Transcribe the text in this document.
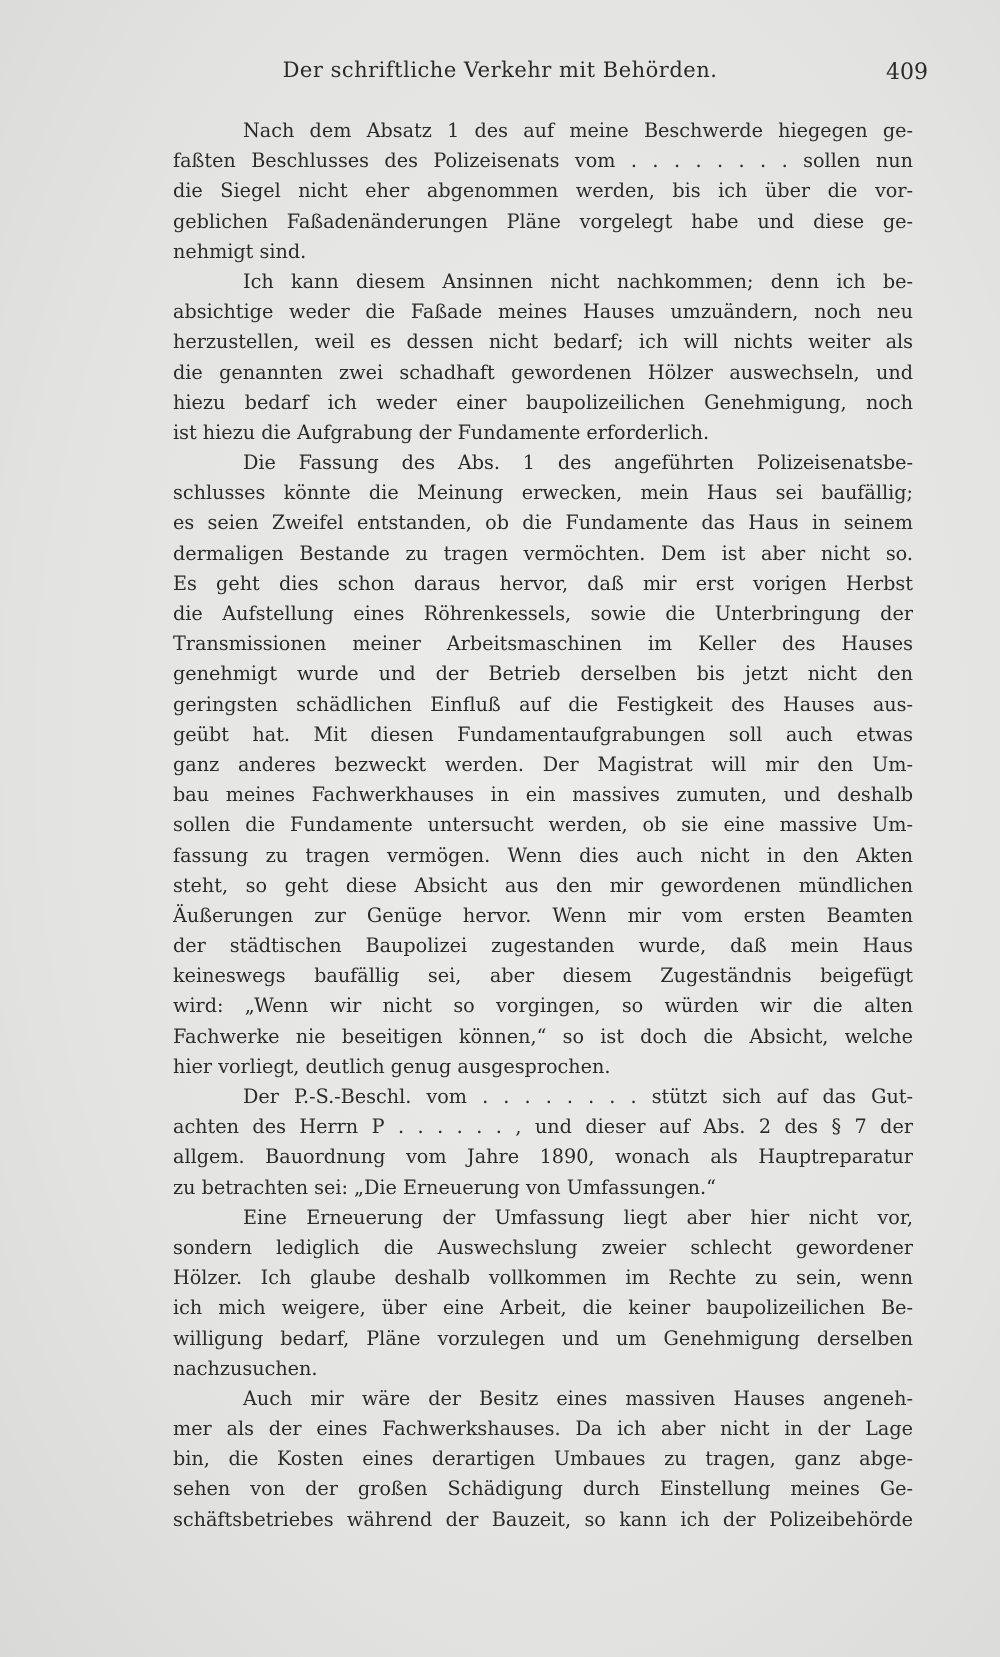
Der schriftliche Verkehr mit Behörden.	409
Nach dem Absatz 1 des auf meine Beschwerde hiegegen ge-
faßten Beschlusses des Polizeisenats vom . . . . . . . . sollen nun
die Siegel nicht eher abgenommen werden, bis ich über die vor-
geblichen Faßadenänderungen Pläne vorgelegt habe und diese ge-
nehmigt sind.
Ich kann diesem Ansinnen nicht nachkommen; denn ich be-
absichtige weder die Faßade meines Hauses umzuändern, noch neu
herzustellen, weil es dessen nicht bedarf; ich will nichts weiter als
die genannten zwei schadhaft gewordenen Hölzer auswechseln, und
hiezu bedarf ich weder einer baupolizeilichen Genehmigung, noch
ist hiezu die Aufgrabung der Fundamente erforderlich.
Die Fassung des Abs. 1 des angeführten Polizeisenatsbe-
schlusses könnte die Meinung erwecken, mein Haus sei baufällig;
es seien Zweifel entstanden, ob die Fundamente das Haus in seinem
dermaligen Bestande zu tragen vermöchten. Dem ist aber nicht so.
Es geht dies schon daraus hervor, daß mir erst vorigen Herbst
die Aufstellung eines Röhrenkessels, sowie die Unterbringung der
Transmissionen meiner Arbeitsmaschinen im Keller des Hauses
genehmigt wurde und der Betrieb derselben bis jetzt nicht den
geringsten schädlichen Einfluß auf die Festigkeit des Hauses aus-
geübt hat. Mit diesen Fundamentaufgrabungen soll auch etwas
ganz anderes bezweckt werden. Der Magistrat will mir den Um-
bau meines Fachwerkhauses in ein massives zumuten, und deshalb
sollen die Fundamente untersucht werden, ob sie eine massive Um-
fassung zu tragen vermögen. Wenn dies auch nicht in den Akten
steht, so geht diese Absicht aus den mir gewordenen mündlichen
Äußerungen zur Genüge hervor. Wenn mir vom ersten Beamten
der städtischen Baupolizei zugestanden wurde, daß mein Haus
keineswegs baufällig sei, aber diesem Zugeständnis beigefügt
wird: „Wenn wir nicht so vorgingen, so würden wir die alten
Fachwerke nie beseitigen können,“ so ist doch die Absicht, welche
hier vorliegt, deutlich genug ausgesprochen.
Der P.-S.-Beschl. vom . . . . . . . . stützt sich auf das Gut-
achten des Herrn P . . . . . . , und dieser auf Abs. 2 des § 7 der
allgem. Bauordnung vom Jahre 1890, wonach als Hauptreparatur
zu betrachten sei: „Die Erneuerung von Umfassungen.“
Eine Erneuerung der Umfassung liegt aber hier nicht vor,
sondern lediglich die Auswechslung zweier schlecht gewordener
Hölzer. Ich glaube deshalb vollkommen im Rechte zu sein, wenn
ich mich weigere, über eine Arbeit, die keiner baupolizeilichen Be-
willigung bedarf, Pläne vorzulegen und um Genehmigung derselben
nachzusuchen.
Auch mir wäre der Besitz eines massiven Hauses angeneh-
mer als der eines Fachwerkshauses. Da ich aber nicht in der Lage
bin, die Kosten eines derartigen Umbaues zu tragen, ganz abge-
sehen von der großen Schädigung durch Einstellung meines Ge-
schäftsbetriebes während der Bauzeit, so kann ich der Polizeibehörde
